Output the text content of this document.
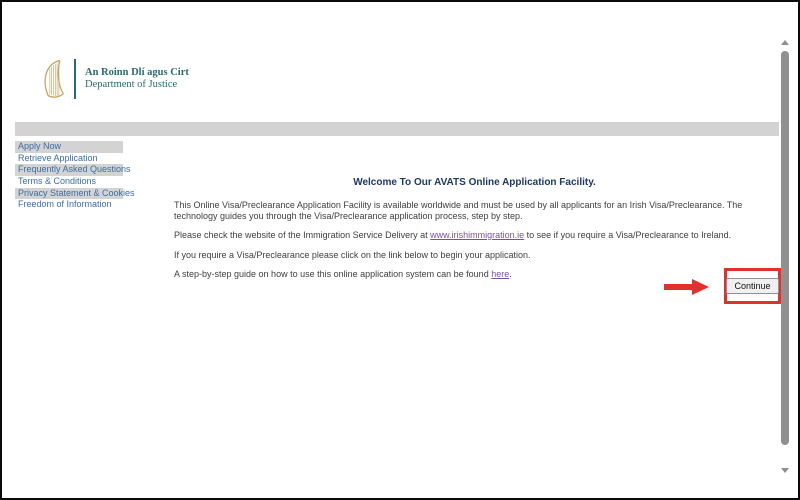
An Roinn Dlí agus Cirt
Department of Justice
Apply Now
Retrieve Application
Frequently Asked Questions
Terms & Conditions
Privacy Statement & Cookies
Freedom of Information
Welcome To Our AVATS Online Application Facility.

This Online Visa/Preclearance Application Facility is available worldwide and must be used by all applicants for an Irish Visa/Preclearance. The technology guides you through the Visa/Preclearance application process, step by step.

Please check the website of the Immigration Service Delivery at www.irishimmigration.ie to see if you require a Visa/Preclearance to Ireland.

If you require a Visa/Preclearance please click on the link below to begin your application.

A step-by-step guide on how to use this online application system can be found here.

Continue
